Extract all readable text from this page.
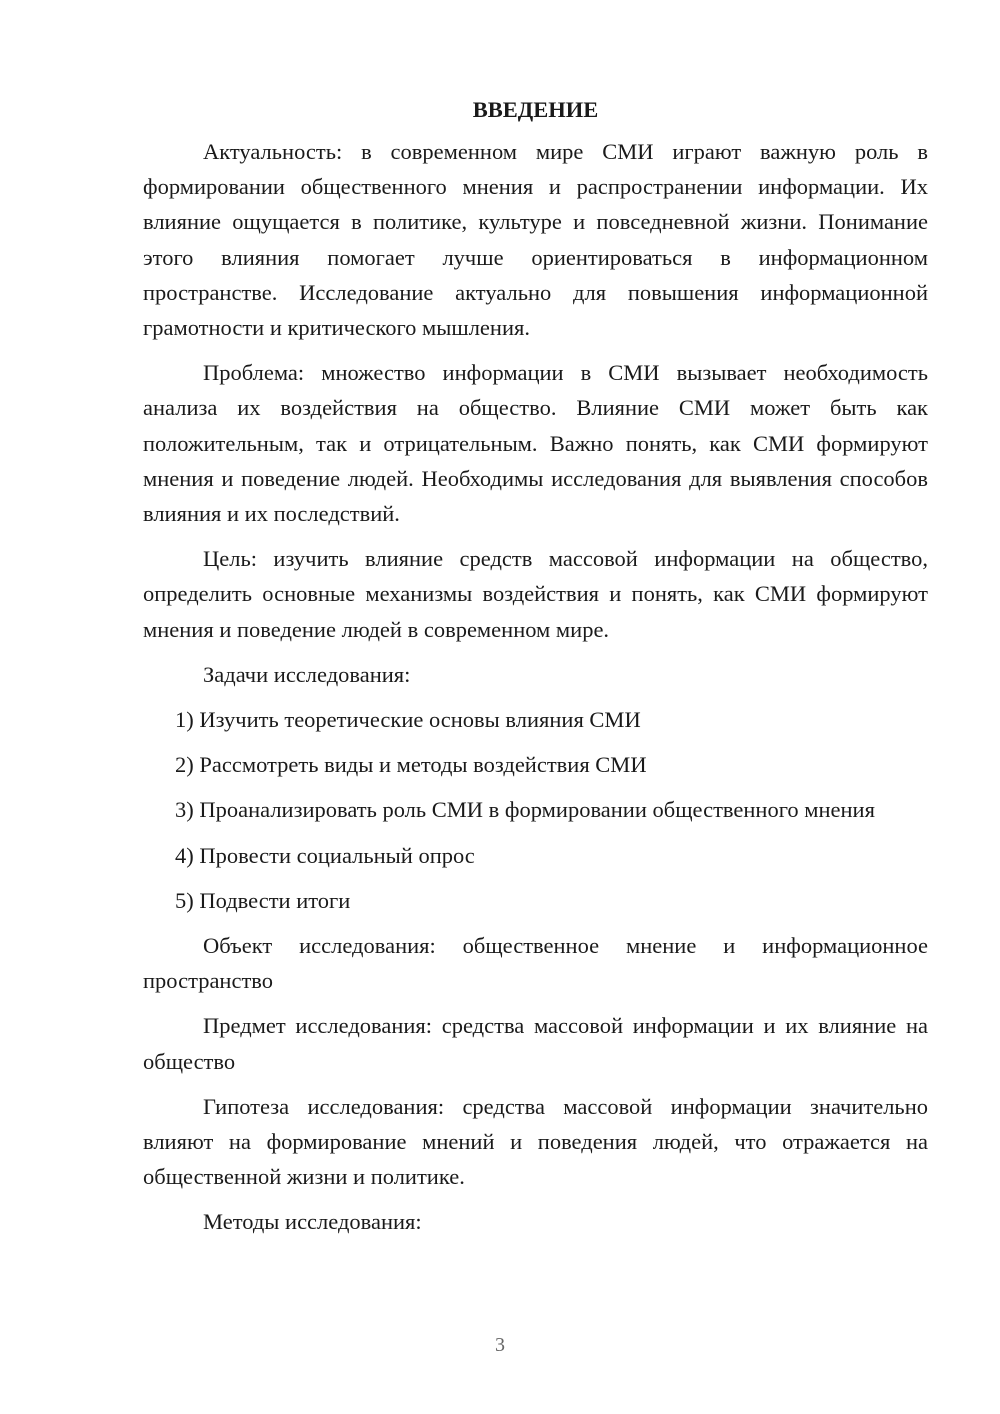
ВВЕДЕНИЕ

Актуальность: в современном мире СМИ играют важную роль в формировании общественного мнения и распространении информации. Их влияние ощущается в политике, культуре и повседневной жизни. Понимание этого влияния помогает лучше ориентироваться в информационном пространстве. Исследование актуально для повышения информационной грамотности и критического мышления.

Проблема: множество информации в СМИ вызывает необходимость анализа их воздействия на общество. Влияние СМИ может быть как положительным, так и отрицательным. Важно понять, как СМИ формируют мнения и поведение людей. Необходимы исследования для выявления способов влияния и их последствий.

Цель: изучить влияние средств массовой информации на общество, определить основные механизмы воздействия и понять, как СМИ формируют мнения и поведение людей в современном мире.

Задачи исследования:

1) Изучить теоретические основы влияния СМИ

2) Рассмотреть виды и методы воздействия СМИ

3) Проанализировать роль СМИ в формировании общественного мнения

4) Провести социальный опрос

5) Подвести итоги

Объект исследования: общественное мнение и информационное пространство

Предмет исследования: средства массовой информации и их влияние на общество

Гипотеза исследования: средства массовой информации значительно влияют на формирование мнений и поведения людей, что отражается на общественной жизни и политике.

Методы исследования:

3
